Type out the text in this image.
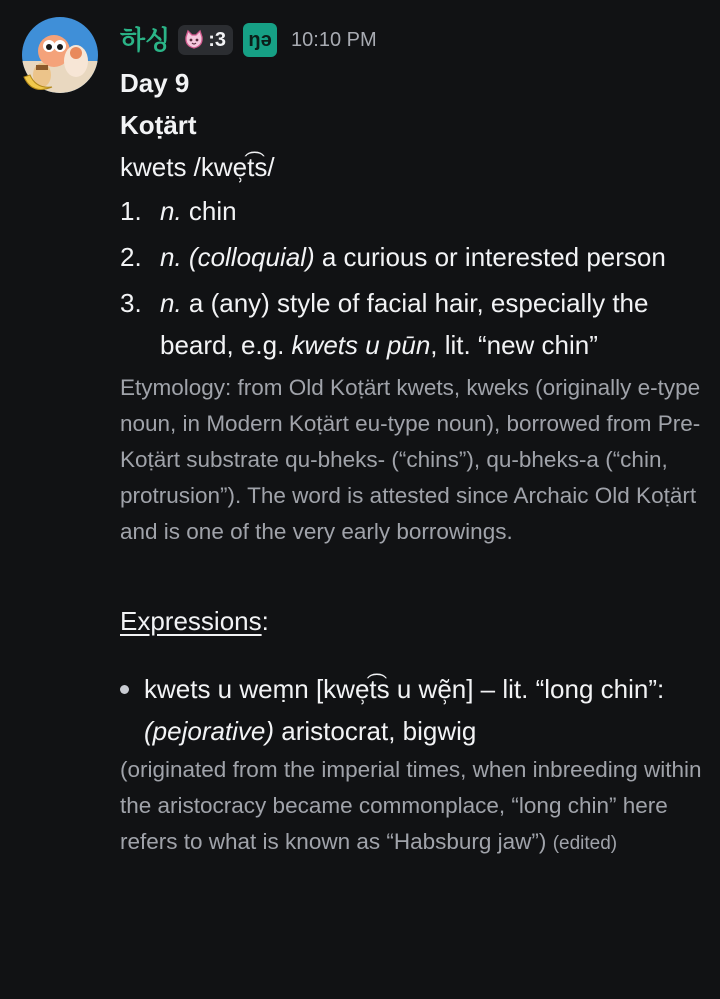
하싱 :3 ŋə 10:10 PM

Day 9

Koṭärt

kwets /kwe̹t͡s/

1. n. chin
2. n. (colloquial) a curious or interested person
3. n. a (any) style of facial hair, especially the beard, e.g. kwets u pūn, lit. “new chin”

Etymology: from Old Koṭärt kwets, kweks (originally e-type noun, in Modern Koṭärt eu-type noun), borrowed from Pre-Koṭärt substrate qu-bheks- (“chins”), qu-bheks-a (“chin, protrusion”). The word is attested since Archaic Old Koṭärt and is one of the very early borrowings.

Expressions:

kwets u weṃn [kwe̹t͡s u wẽ̹n] – lit. “long chin”: (pejorative) aristocrat, bigwig

(originated from the imperial times, when inbreeding within the aristocracy became commonplace, “long chin” here refers to what is known as “Habsburg jaw”) (edited)
